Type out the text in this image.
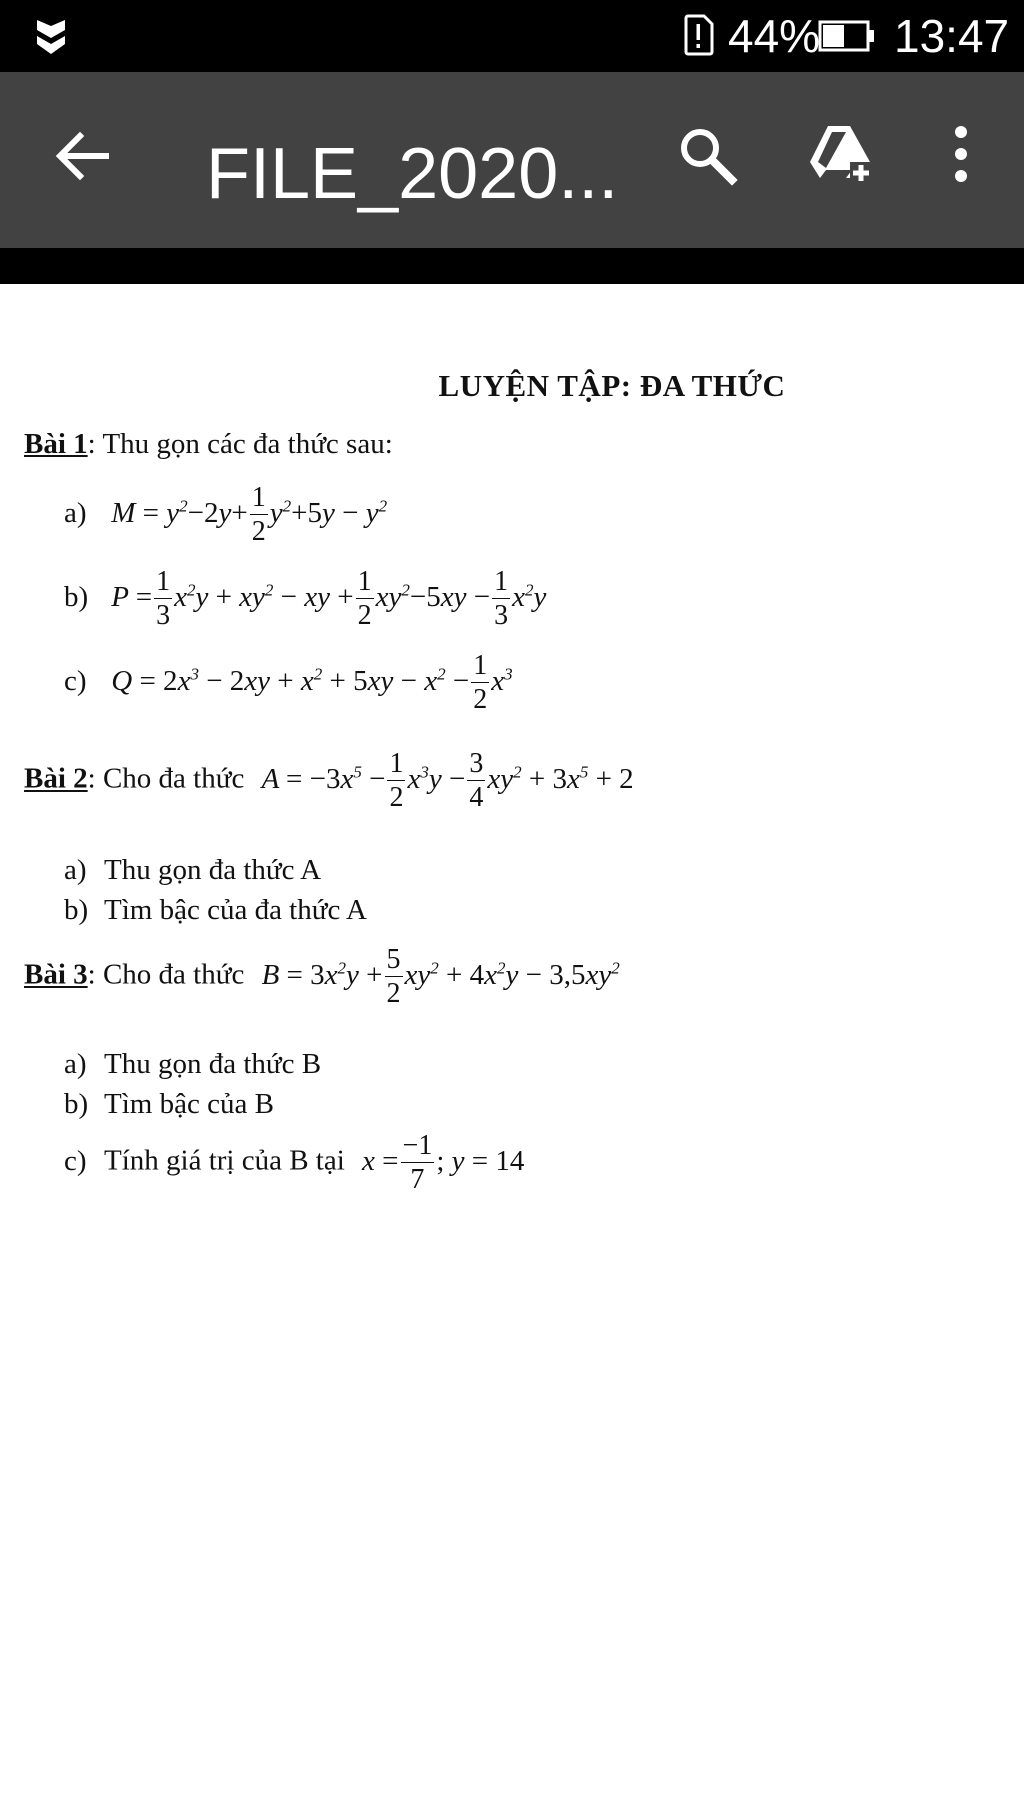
44% 13:47
FILE_2020...
LUYỆN TẬP: ĐA THỨC
Bài 1: Thu gọn các đa thức sau:
a) $M = y^2-2y+ \frac{1}{2} y^2+5y - y^2$
b) $P = \frac{1}{3} x^2y + xy^2$ − xy + $\frac{1}{2} xy^2-5xy - \frac{1}{3} x^2y$
c) $Q = 2x^3 - 2xy + x^2 + 5xy - x^2 - \frac{1}{2} x^3$
Bài 2: Cho đa thức $A = -3x^5 - \frac{1}{2} x^3y - \frac{3}{4} xy^2 + 3x^5 + 2$
a) Thu gọn đa thức A
b) Tìm bậc của đa thức A
Bài 3: Cho đa thức $B = 3x^2y + \frac{5}{2} xy^2 + 4x^2y - 3,5xy^2$
a) Thu gọn đa thức B
b) Tìm bậc của B
c) Tính giá trị của B tại $x = \frac{-1}{7}$ ; y = 14
